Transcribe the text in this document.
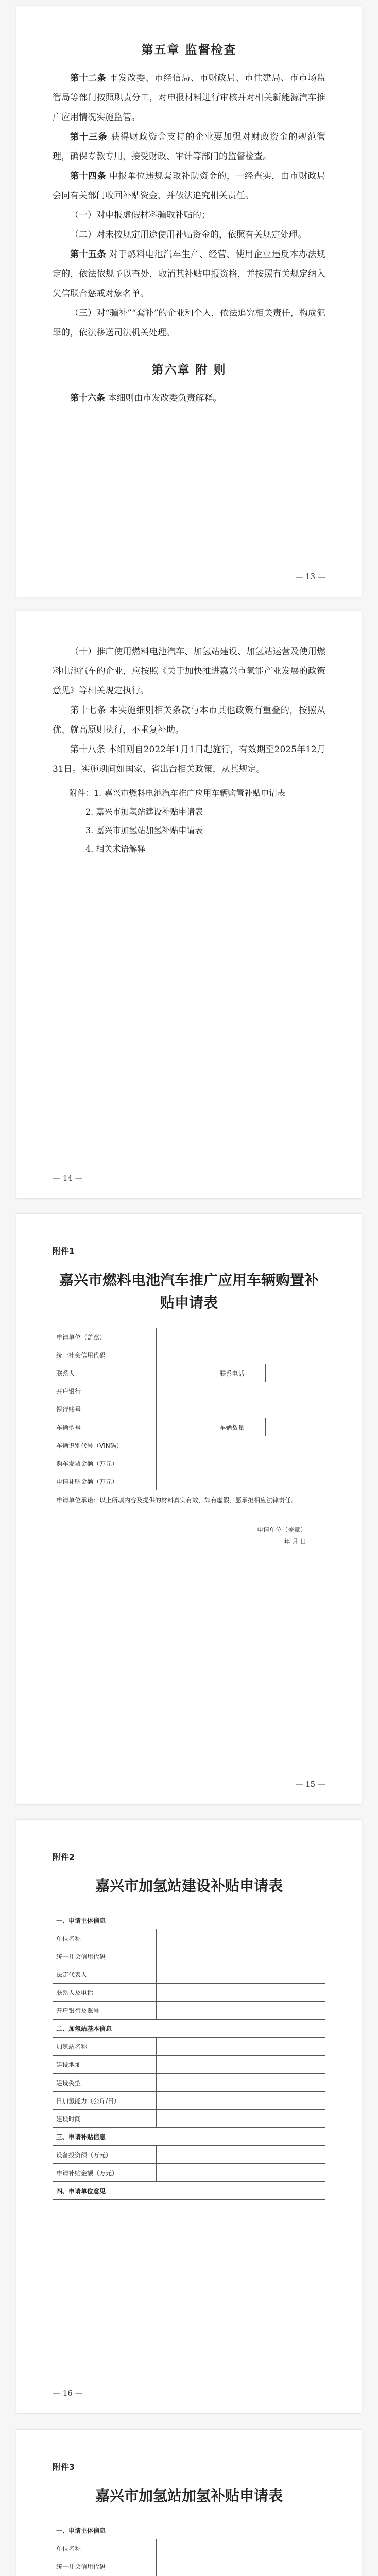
第五章 监督检查

第十二条 市发改委、市经信局、市财政局、市住建局、市市场监管局等部门按照职责分工，对申报材料进行审核并对相关新能源汽车推广应用情况实施监管。

第十三条 获得财政资金支持的企业要加强对财政资金的规范管理，确保专款专用，接受财政、审计等部门的监督检查。

第十四条 申报单位违规套取补助资金的，一经查实，由市财政局会同有关部门收回补贴资金，并依法追究相关责任。

（一）对申报虚假材料骗取补贴的；

（二）对未按规定用途使用补贴资金的，依照有关规定处理。

第十五条 对于燃料电池汽车生产、经营、使用企业违反本办法规定的，依法依规予以查处，取消其补贴申报资格，并按照有关规定纳入失信联合惩戒对象名单。

（三）对“骗补”“套补”的企业和个人，依法追究相关责任，构成犯罪的，依法移送司法机关处理。

第六章 附 则

第十六条 本细则由市发改委负责解释。

— 13 —

（十）推广使用燃料电池汽车、加氢站建设、加氢站运营及使用燃料电池汽车的企业，应按照《关于加快推进嘉兴市氢能产业发展的政策意见》等相关规定执行。

第十七条 本实施细则相关条款与本市其他政策有重叠的，按照从优、就高原则执行，不重复补助。

第十八条 本细则自2022年1月1日起施行，有效期至2025年12月31日。实施期间如国家、省出台相关政策，从其规定。

附件：1. 嘉兴市燃料电池汽车推广应用车辆购置补贴申请表
2. 嘉兴市加氢站建设补贴申请表
3. 嘉兴市加氢站加氢补贴申请表
4. 相关术语解释
— 14 —
附件1
嘉兴市燃料电池汽车推广应用车辆购置补贴申请表
申请单位（盖章）			
统一社会信用代码			
联系人		联系电话	
开户银行			
银行账号			
车辆型号		车辆数量	
车辆识别代号（VIN码）			
购车发票金额（万元）			
申请补贴金额（万元）			
申请单位承诺：以上所填内容及提供的材料真实有效，如有虚假，愿承担相应法律责任。
申请单位（盖章）
年 月 日			
— 15 —
附件2
嘉兴市加氢站建设补贴申请表
一、申请主体信息	
单位名称	
统一社会信用代码	
法定代表人	
联系人及电话	
开户银行及账号	
二、加氢站基本信息	
加氢站名称	
建设地址	
建设类型	
日加氢能力（公斤/日）	
建设时间	
三、申请补贴信息	
设备投资额（万元）	
申请补贴金额（万元）	
四、申请单位意见	

— 16 —
附件3
嘉兴市加氢站加氢补贴申请表
一、申请主体信息	
单位名称	
统一社会信用代码	
